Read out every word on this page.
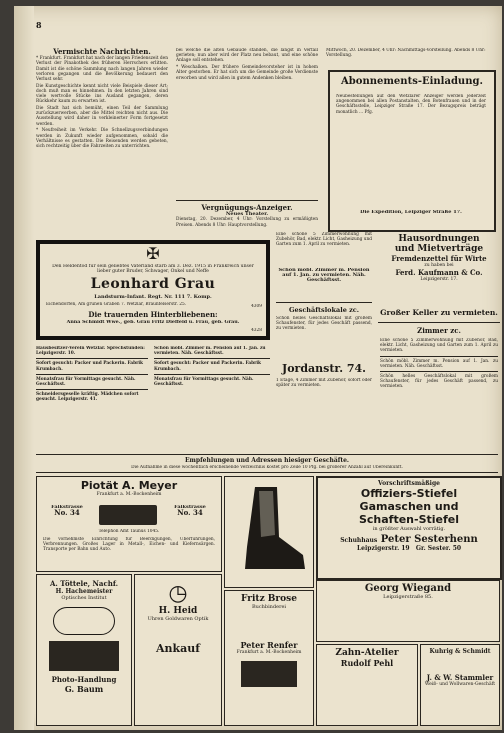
Vermischte Nachrichten.

* Frankfurt. Frankfurt hat nach der langen Friedenszeit den Verlust der Pinakothek des früheren Herrschers erlitten. Damit ist die schöne Sammlung nach langen Jahren wieder verloren gegangen und die Bevölkerung bedauert den Verlust sehr.

Die Kunstgeschichte kennt nicht viele Beispiele dieser Art; doch muß man es hinnehmen. In den letzten Jahren sind viele wertvolle Stücke ins Ausland gegangen, deren Rückkehr kaum zu erwarten ist.

Die Stadt hat sich bemüht, einen Teil der Sammlung zurückzuerwerben, aber die Mittel reichten nicht aus. Die Ausstellung wird daher in verkleinerter Form fortgesetzt werden.

* Neufreiheit im Verkehr. Die Schnellzugsverbindungen werden in Zukunft wieder aufgenommen, sobald die Verhältnisse es gestatten. Die Reisenden werden gebeten, sich rechtzeitig über die Fahrzeiten zu unterrichten.

bei welche die alten Gebäude standen, die längst ih Verfall gerieten; nun aber wird der Platz neu bebaut, und eine schöne Anlage soll entstehen.

* Weschalken. Der frühere Gemeindevorsteher ist in hohem Alter gestorben. Er hat sich um die Gemeinde große Verdienste erworben und wird allen in gutem Andenken bleiben.

Vergnügungs-Anzeiger.
Neues Theater.
Dienstag, 20. Dezember, 4 Uhr: Vorstellung zu ermäßigten Preisen. Abends 8 Uhr: Hauptvorstellung.
Mittwoch, 20. Dezember, 4 Uhr: Nachmittags-Vorstellung. Abends 8 Uhr: Vorstellung.
Abonnements-Einladung.
Neubestellungen auf den Wetzlarer Anzeiger werden jederzeit angenommen bei allen Postanstalten, den Botenfrauen und in der Geschäftsstelle, Leipziger Straße 17. Der Bezugspreis beträgt monatlich ... Pfg.
Die Expedition, Leipziger Straße 17.
✠
Den Heldentod für sein geliebtes Vaterland starb am 3. Dez. 1915 in Frankreich unser lieber guter Bruder, Schwager, Onkel und Neffe
Leonhard Grau
Landsturm-Infant. Regt. Nr. 111 7. Komp.
Eichendorfen, Am grünen Graben 7. Wetzlar, Braunfelserstr. 25.	4309
Die trauernden Hinterbliebenen:
Anna Schmidt Wwe., geb. Grau Fritz Dieffeld u. Frau, geb. Grau.
4328
Eine schöne 5 Zimmerwohnung mit Zubehör, Bad, elektr. Licht, Gasheizung und Garten zum 1. April zu vermieten.
Schön möbl. Zimmer m. Pension auf 1. Jan. zu vermieten. Näh. Geschäftsst.
Geschäftslokale zc.
Schön helles Geschäftslokal mit großem Schaufenster, für jedes Geschäft passend, zu vermieten.
Jordanstr. 74.
1 Etage, 4 Zimmer mit Zubehör, sofort oder später zu vermieten.
Hausordnungen
und Mietverträge
Fremdenzettel für Wirte
zu haben bei
Ferd. Kaufmann & Co.
Leipzigerstr. 17.
Großer Keller zu vermieten.
Zimmer zc.
Eine schöne 5 Zimmerwohnung mit Zubehör, Bad, elektr. Licht, Gasheizung und Garten zum 1. April zu vermieten.
Schön möbl. Zimmer m. Pension auf 1. Jan. zu vermieten. Näh. Geschäftsst.
Schön helles Geschäftslokal mit großem Schaufenster, für jedes Geschäft passend, zu vermieten.
Hausbesitzer-Verein Wetzlar. Sprechstunden: Leipzigerstr. 10.
Sofort gesucht: Packer und Packerin. Fabrik Krumbach.
Monatsfrau für Vormittags gesucht. Näh. Geschäftsst.
Schneidersgeselle kräftig. Mädchen sofort gesucht. Leipzigerstr. 41.
Schön möbl. Zimmer m. Pension auf 1. Jan. zu vermieten. Näh. Geschäftsst.
Sofort gesucht: Packer und Packerin. Fabrik Krumbach.
Monatsfrau für Vormittags gesucht. Näh. Geschäftsst.
Empfehlungen und Adressen hiesiger Geschäfte.
Die Aufnahme in diese wöchentlich erscheinende Verzeichnis kostet pro Zeile 10 Pfg. bei größerer Anzahl auf Übereinkunft.
Piotät A. Meyer
Frankfurt a. M.-Bockenheim
Falkstrasse
No. 34
Falkstrasse
No. 34
Telephon Amt Taunus 1045.
Die vornehmste Einrichtung für Beerdigungen, Überführungen, Verbrennungen. Großes Lager in Metall-, Eichen- und Kiefernsärgen. Transporte per Bahn und Auto.
Vorschriftsmäßige
Offiziers-Stiefel
Gamaschen und
Schaften-Stiefel
in größter Auswahl vorrätig.
Schuhhaus Peter Sesterhenn
Leipzigerstr. 19 Gr. Sester. 50
A. Töttele, Nachf.
H. Hachemeister
Optisches Institut
Photo-Handlung
G. Baum
◷
H. Heid
Uhren Goldwaren Optik
Ankauf
Fritz Brose
Buchbinderei
Peter Renfer
Frankfurt a. M.-Bockenheim
Georg Wiegand
Leipzigerstraße 85.
Zahn-Atelier
Rudolf Pehl
Kuhrig & Schmidt
J. & W. Stammler
Weiß- und Wollwaren-Geschäft
8
